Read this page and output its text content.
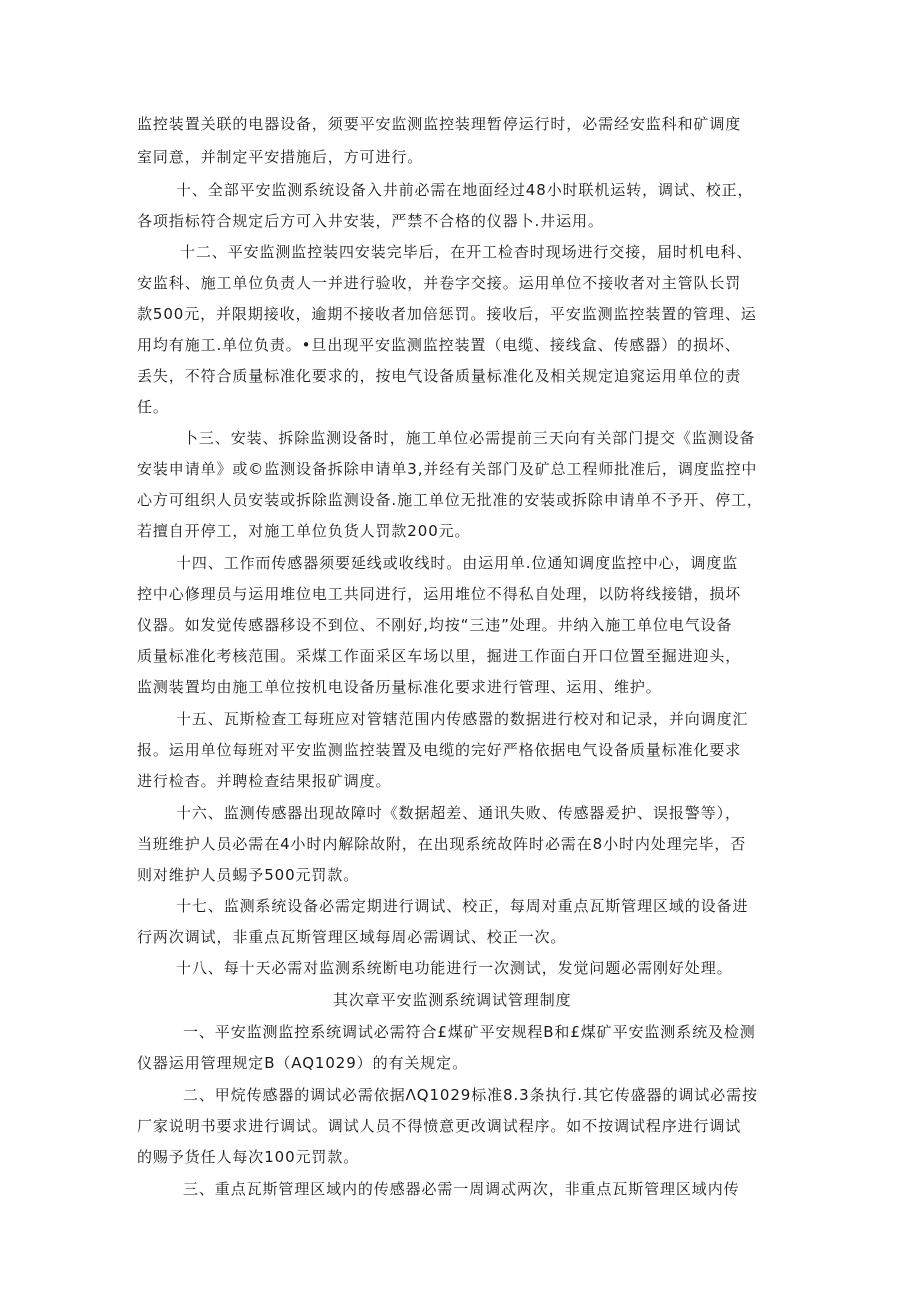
监控装置关联的电器设备，须要平安监测监控装理暂停运行时，必需经安监科和矿调度
室同意，并制定平安措施后，方可进行。
十、全部平安监测系统设备入井前必需在地面经过48小时联机运转，调试、校正，
各项指标符合规定后方可入井安装，严禁不合格的仪器卜.井运用。
十二、平安监测监控装四安装完毕后，在开工检杳时现场进行交接，届时机电科、
安监科、施工单位负责人一并进行验收，并卷字交接。运用单位不接收者对主管队长罚
款500元，并限期接收，逾期不接收者加倍惩罚。接收后，平安监测监控装置的管理、运
用均有施工.单位负责。•旦出现平安监测监控装置（电缆、接线盒、传感器）的损坏、
丢失，不符合质量标准化要求的，按电气设备质量标准化及相关规定追窕运用单位的责
任。
卜三、安装、拆除监测设备时，施工单位必需提前三天向有关部门提交《监测设备
安装申请单》或©监测设备拆除申请单3,并经有关部门及矿总工程师批准后，调度监控中
心方可组织人员安装或拆除监测设备.施工单位无批准的安装或拆除申请单不予开、停工，
若擅自开停工，对施工单位负货人罚款200元。
十四、工作而传感器须要延线或收线时。由运用单.位通知调度监控中心，调度监
控中心修理员与运用堆位电工共同进行，运用堆位不得私自处理，以防将线接错，损坏
仪器。如发觉传感器移设不到位、不刚好,均按“三违”处理。井纳入施工单位电气设备
质量标准化考核范围。采煤工作面采区车场以里，掘进工作面白开口位置至掘进迎头，
监测装置均由施工单位按机电设备历量标准化要求进行管理、运用、维护。
十五、瓦斯检查工每班应对管辖范围内传感嚣的数据进行校对和记录，并向调度汇
报。运用单位每班对平安监测监控装置及电缆的完好严格依据电气设备质量标准化要求
进行检杳。并聘检查结果报矿调度。
十六、监测传感器出现故障吋《数据超差、通讯失败、传感器爰护、误报警等），
当班维护人员必需在4小时内解除故附，在出现系统故阵时必需在8小时内处理完毕，否
则对维护人员蜴予500元罚款。
十七、监测系统设备必需定期进行调试、校正，每周对重点瓦斯管理区域的设备进
行两次调试，非重点瓦斯管理区域每周必需调试、校正一次。
十八、每十天必需对监测系统断电功能进行一次测试，发觉问题必需刚好处理。
其次章平安监测系统调试管理制度
一、平安监测监控系统调试必需符合£煤矿平安规程B和£煤矿平安监测系统及检测
仪器运用管理规定B（AQ1029）的有关规定。
二、甲烷传感器的调试必需依据ΛQ1029标准8.3条执行.其它传盛器的调试必需按
厂家说明书要求进行调试。调试人员不得愤意更改调试程序。如不按调试程序进行调试
的赐予货任人每次100元罚款。
三、重点瓦斯管理区域内的传感器必需一周调忒两次，非重点瓦斯管理区域内传
